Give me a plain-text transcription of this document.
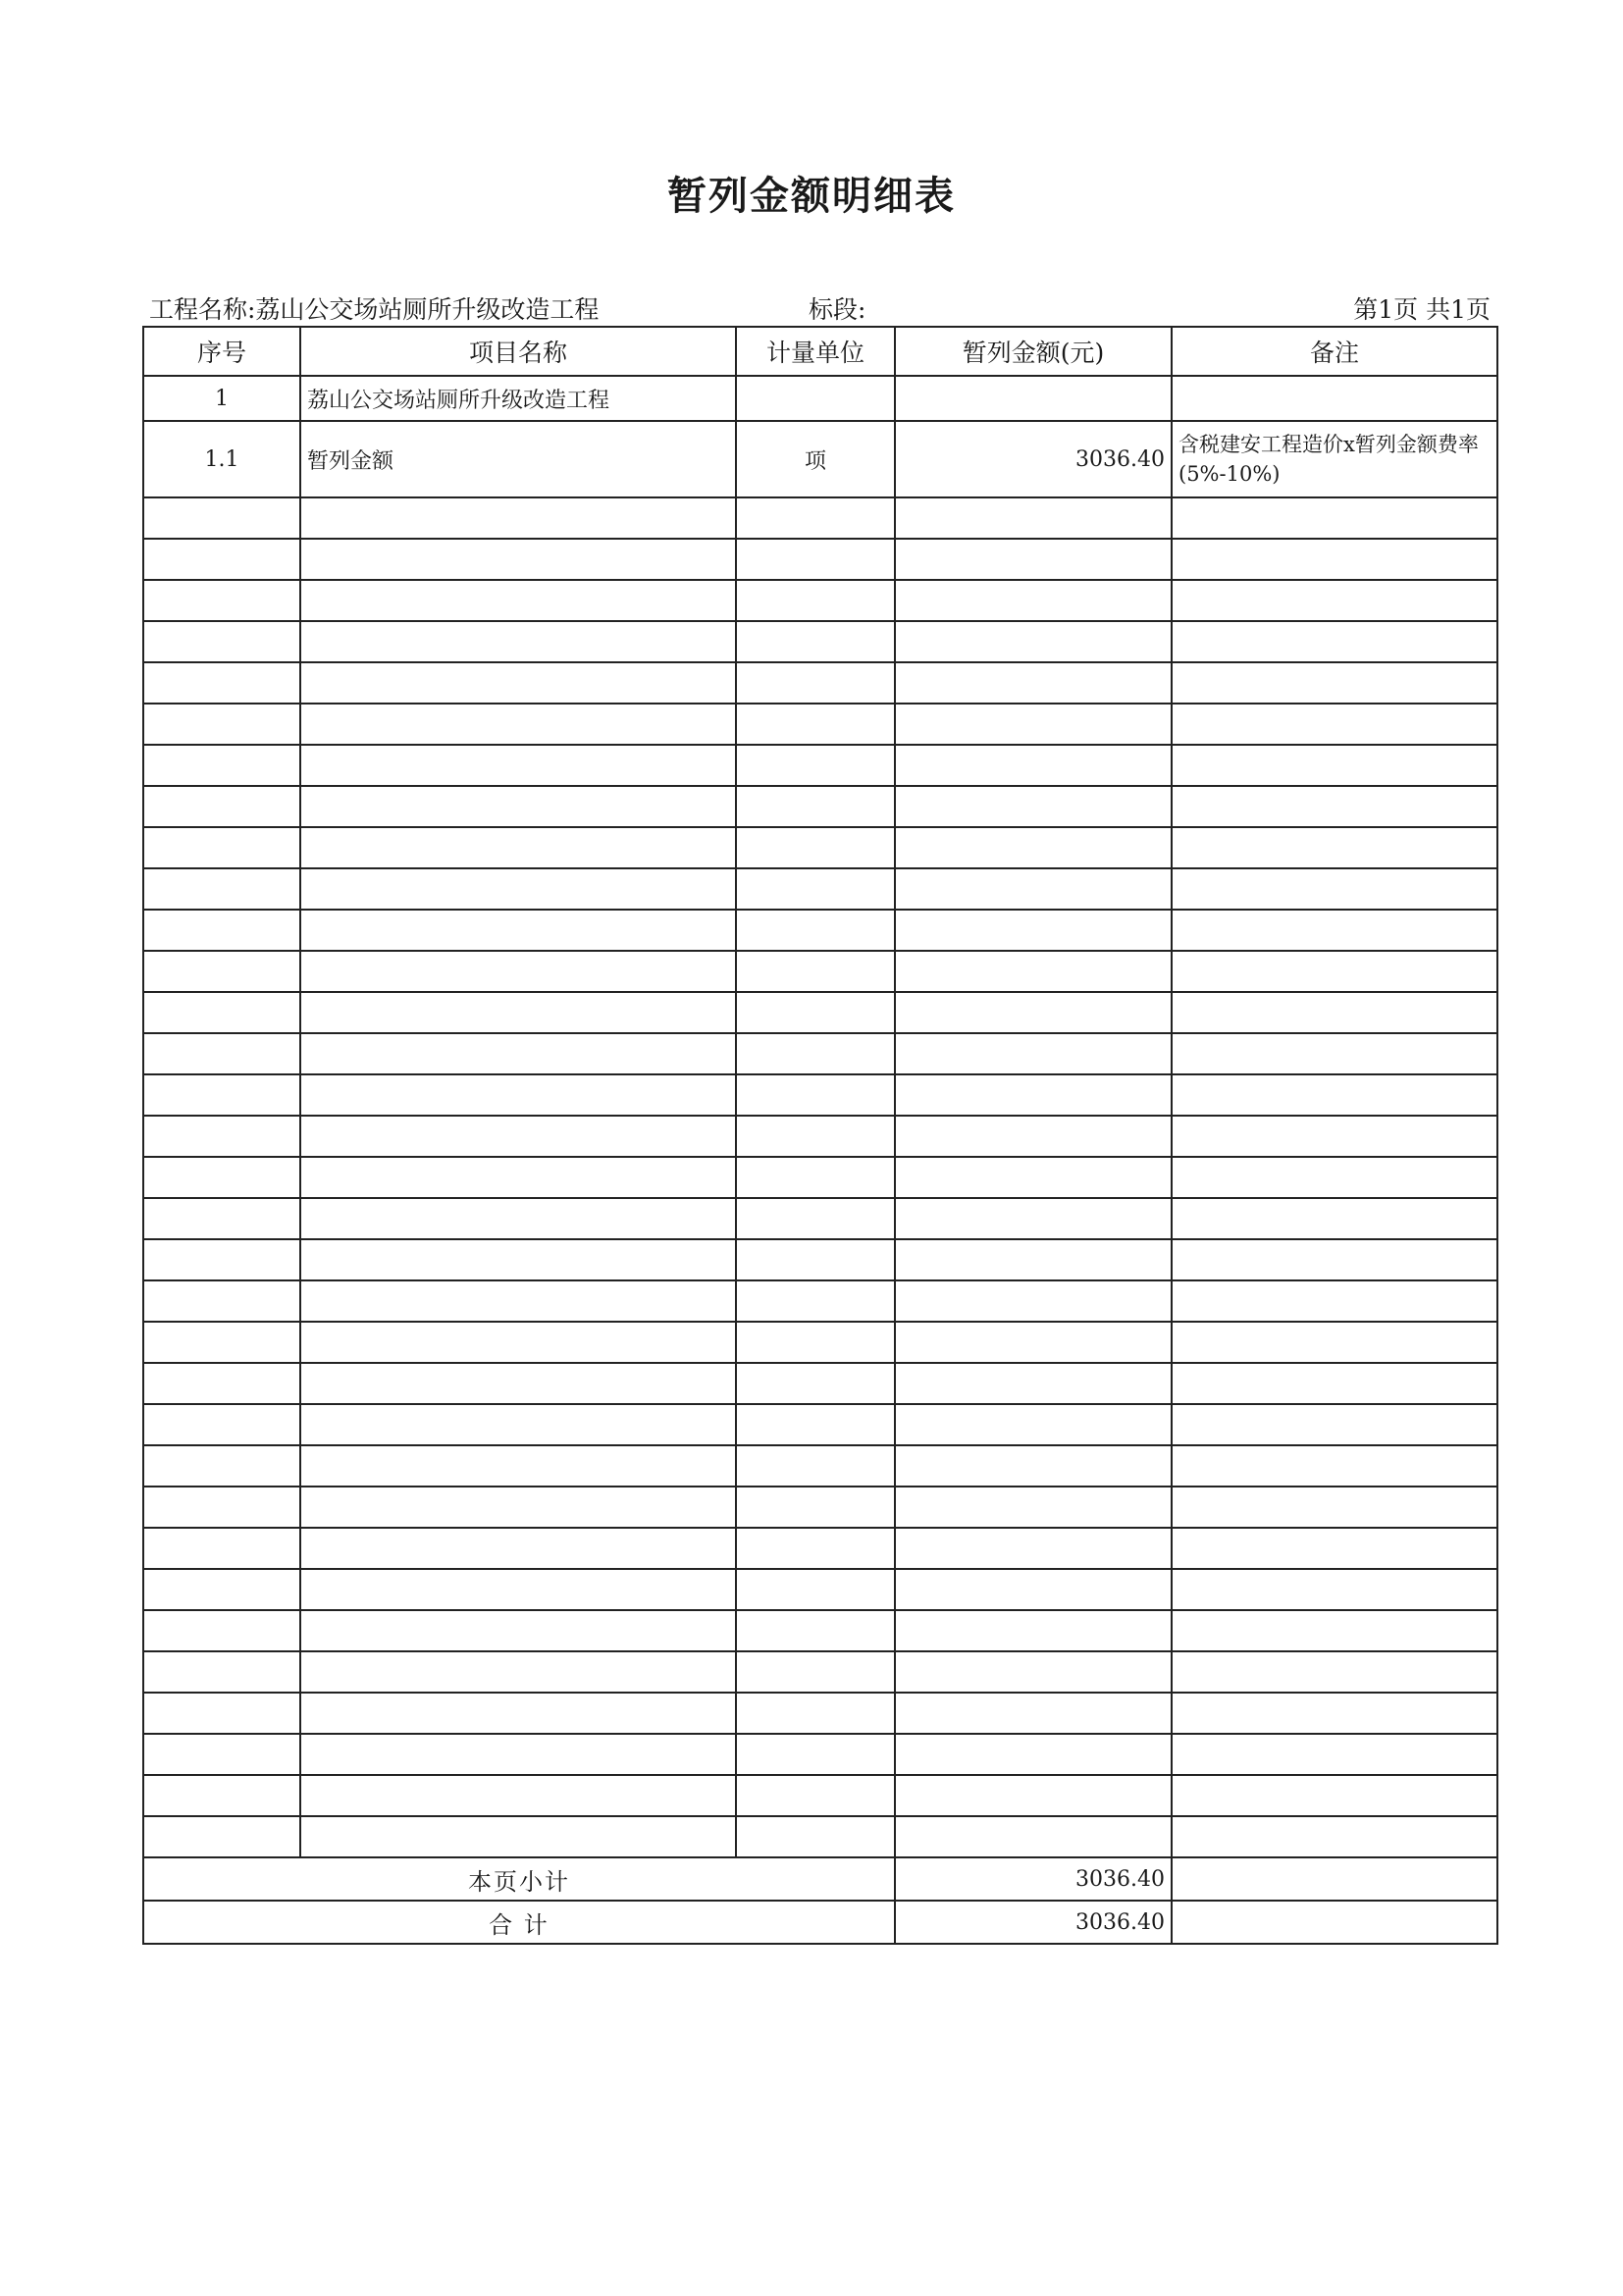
暂列金额明细表
工程名称:荔山公交场站厕所升级改造工程	标段:	第1页 共1页
序号	项目名称	计量单位	暂列金额(元)	备注
1	荔山公交场站厕所升级改造工程			
1.1	暂列金额	项	3036.40	含税建安工程造价x暂列金额费率(5%-10%)

本页小计			3036.40	
合 计			3036.40	
